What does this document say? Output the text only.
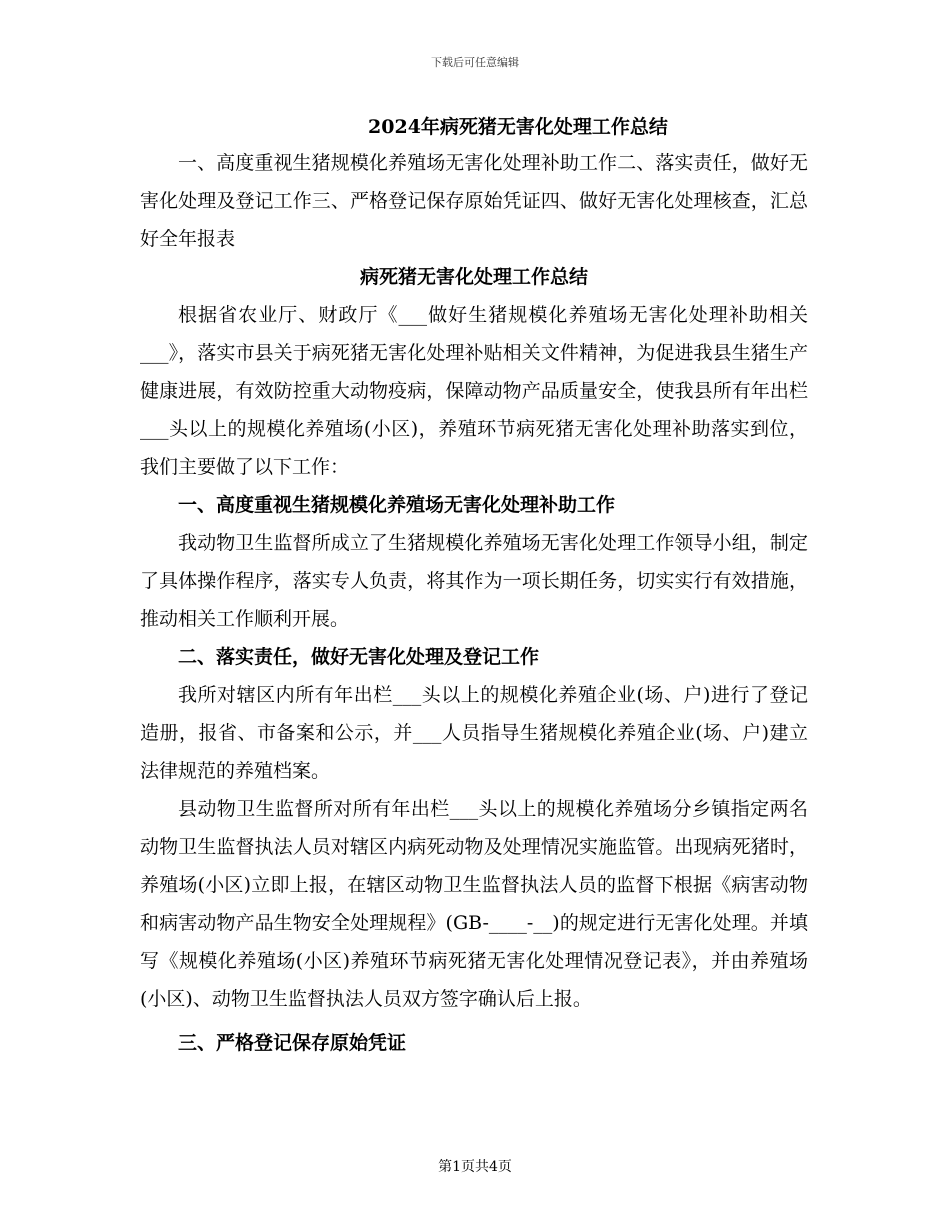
下载后可任意编辑
2024年病死猪无害化处理工作总结

一、高度重视生猪规模化养殖场无害化处理补助工作二、落实责任，做好无害化处理及登记工作三、严格登记保存原始凭证四、做好无害化处理核查，汇总好全年报表

病死猪无害化处理工作总结

根据省农业厅、财政厅《___做好生猪规模化养殖场无害化处理补助相关___》，落实市县关于病死猪无害化处理补贴相关文件精神，为促进我县生猪生产健康进展，有效防控重大动物疫病，保障动物产品质量安全，使我县所有年出栏___头以上的规模化养殖场(小区)，养殖环节病死猪无害化处理补助落实到位，我们主要做了以下工作：

一、高度重视生猪规模化养殖场无害化处理补助工作

我动物卫生监督所成立了生猪规模化养殖场无害化处理工作领导小组，制定了具体操作程序，落实专人负责，将其作为一项长期任务，切实实行有效措施，推动相关工作顺利开展。

二、落实责任，做好无害化处理及登记工作

我所对辖区内所有年出栏___头以上的规模化养殖企业(场、户)进行了登记造册，报省、市备案和公示，并___人员指导生猪规模化养殖企业(场、户)建立法律规范的养殖档案。

县动物卫生监督所对所有年出栏___头以上的规模化养殖场分乡镇指定两名动物卫生监督执法人员对辖区内病死动物及处理情况实施监管。出现病死猪时，养殖场(小区)立即上报，在辖区动物卫生监督执法人员的监督下根据《病害动物和病害动物产品生物安全处理规程》(GB-____-__)的规定进行无害化处理。并填写《规模化养殖场(小区)养殖环节病死猪无害化处理情况登记表》，并由养殖场(小区)、动物卫生监督执法人员双方签字确认后上报。

三、严格登记保存原始凭证

第1页共4页
